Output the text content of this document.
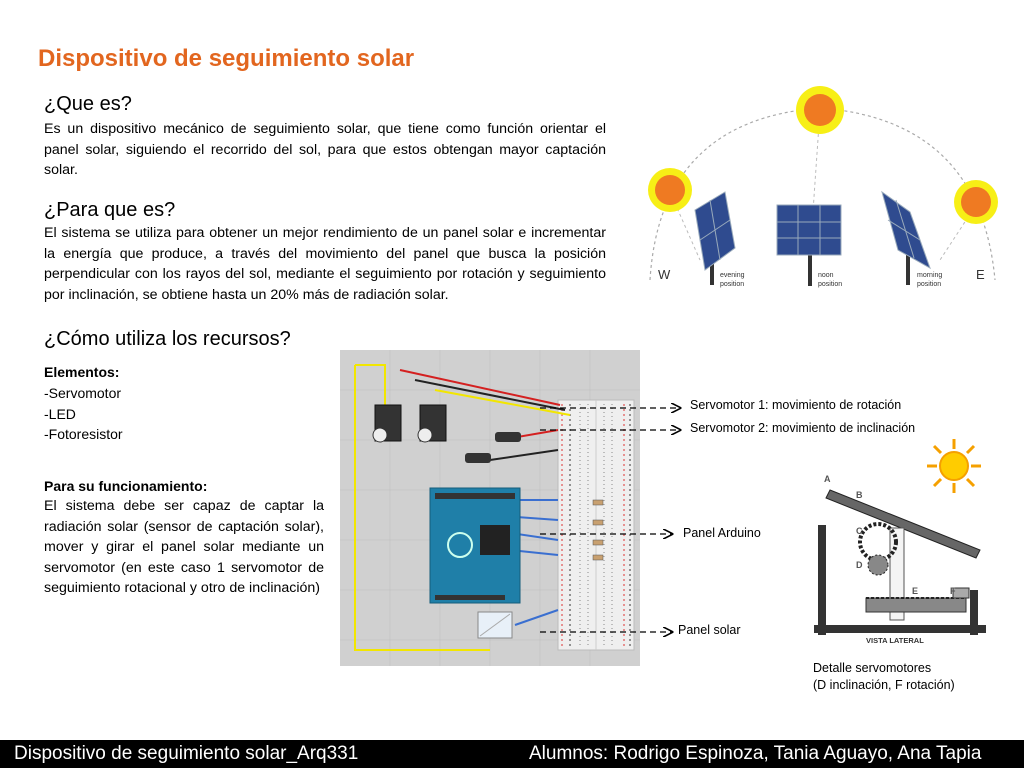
Dispositivo de seguimiento solar
¿Que es?
Es un dispositivo mecánico de seguimiento solar, que tiene como función orientar el panel solar, siguiendo el recorrido del sol, para que estos obtengan mayor captación solar.
¿Para que es?
El sistema se utiliza para obtener un mejor rendimiento de un panel solar e incrementar la energía que produce, a través del movimiento del panel que busca la posición perpendicular con los rayos del sol, mediante el seguimiento por rotación y seguimiento por inclinación, se obtiene hasta un 20% más de radiación solar.
¿Cómo utiliza los recursos?
Elementos:
-Servomotor
-LED
-Fotoresistor
Para su funcionamiento:
El sistema debe ser capaz de captar la radiación solar (sensor de captación solar), mover y girar el panel solar mediante un servomotor (en este caso 1 servomotor de seguimiento rotacional y otro de inclinación)
W	E
evening
position
noon
position
morning
position
Servomotor 1: movimiento de rotación
Servomotor 2: movimiento de inclinación
Panel Arduino
Panel solar
A
B
C
D
E	F
VISTA LATERAL
Detalle servomotores
(D inclinación, F rotación)
Dispositivo de seguimiento solar_Arq331	Alumnos: Rodrigo Espinoza, Tania Aguayo, Ana Tapia
